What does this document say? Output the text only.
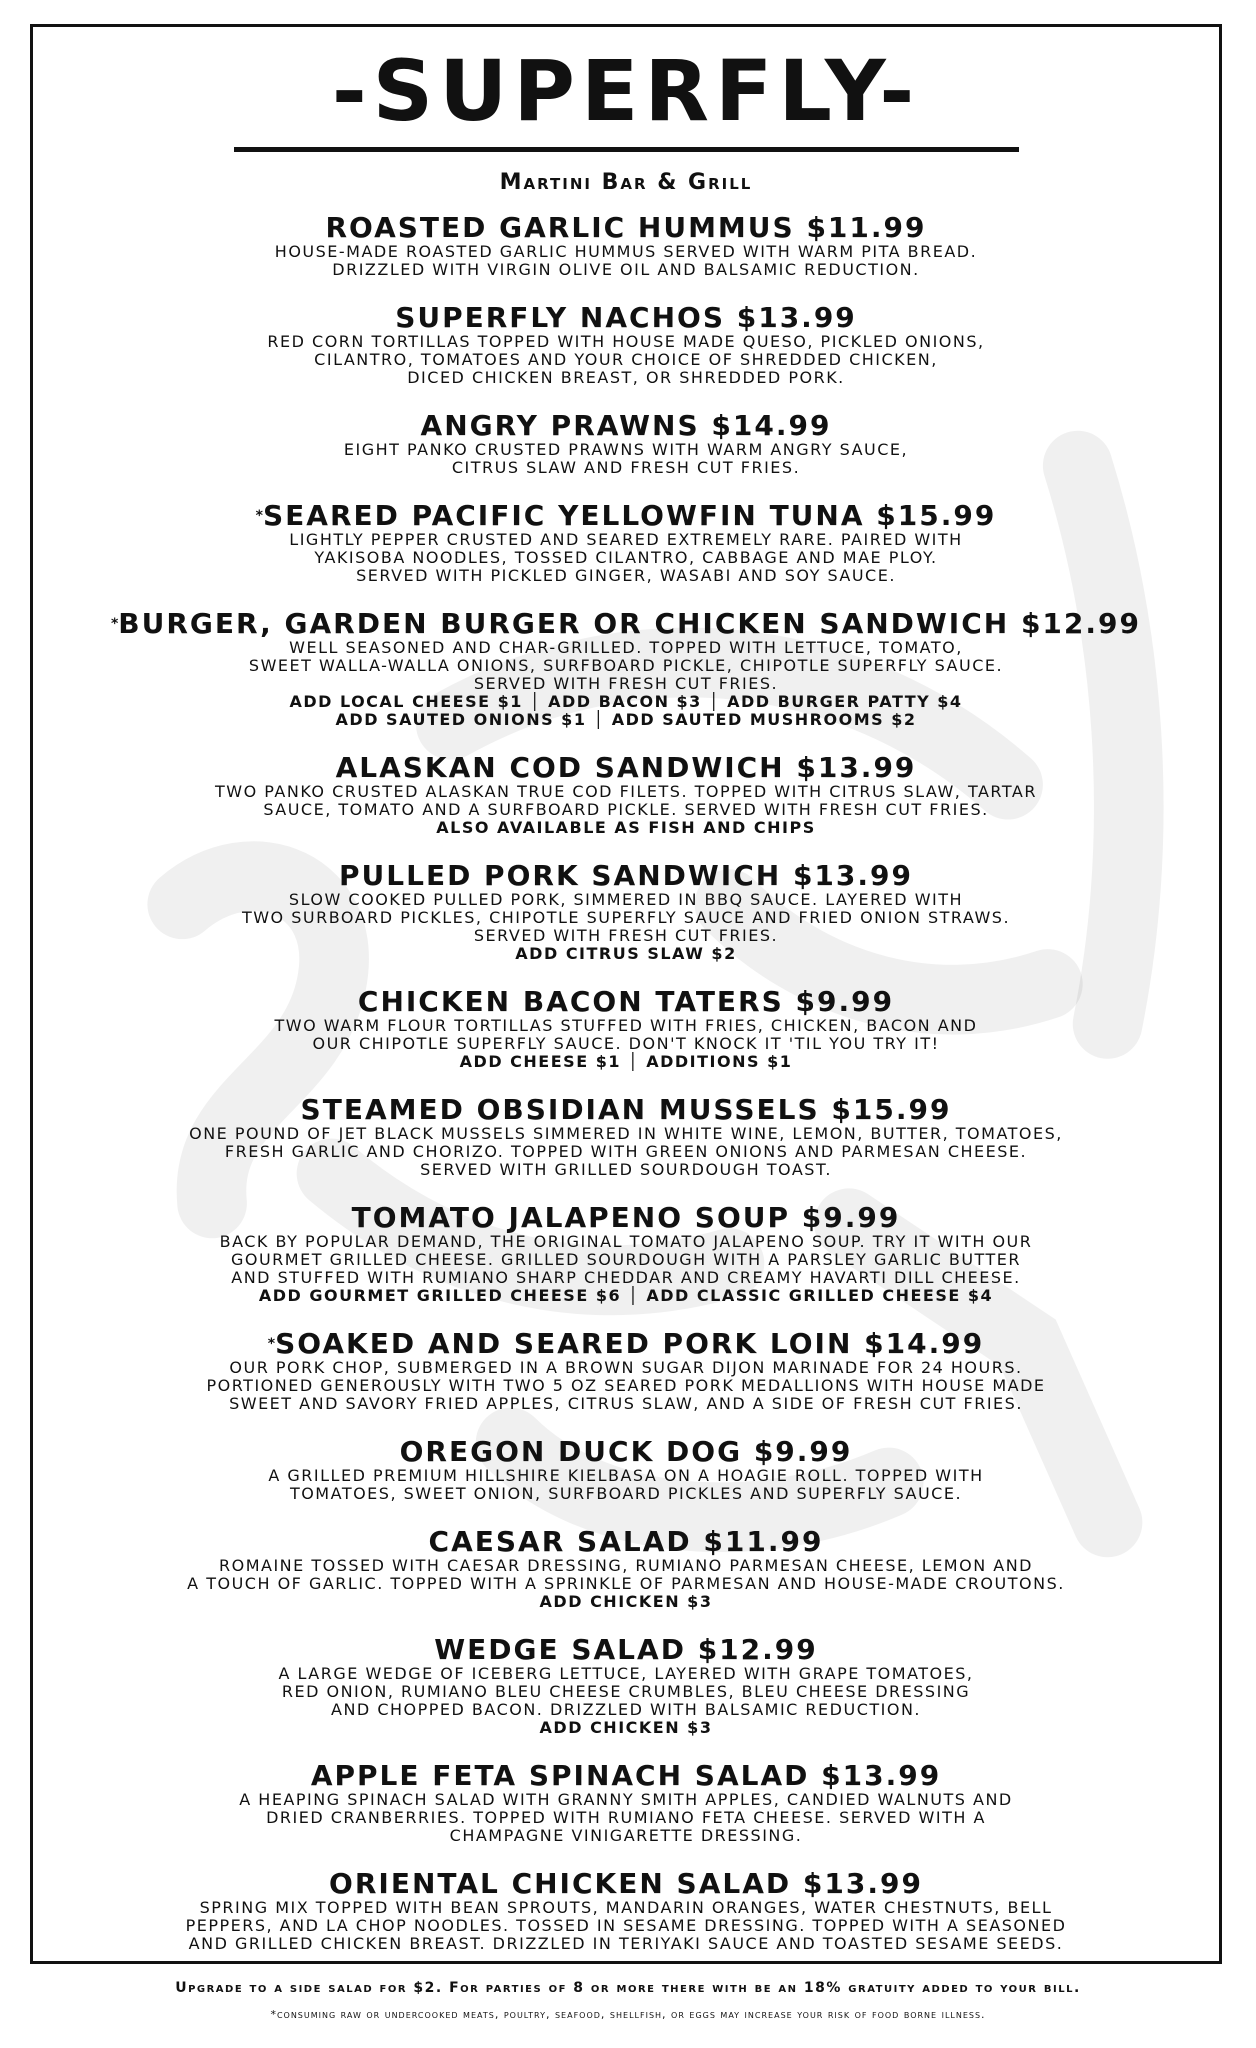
-SUPERFLY-
Martini Bar & Grill
ROASTED GARLIC HUMMUS $11.99
HOUSE-MADE ROASTED GARLIC HUMMUS SERVED WITH WARM PITA BREAD.
DRIZZLED WITH VIRGIN OLIVE OIL AND BALSAMIC REDUCTION.
SUPERFLY NACHOS $13.99
RED CORN TORTILLAS TOPPED WITH HOUSE MADE QUESO, PICKLED ONIONS,
CILANTRO, TOMATOES AND YOUR CHOICE OF SHREDDED CHICKEN,
DICED CHICKEN BREAST, OR SHREDDED PORK.
ANGRY PRAWNS $14.99
EIGHT PANKO CRUSTED PRAWNS WITH WARM ANGRY SAUCE,
CITRUS SLAW AND FRESH CUT FRIES.
*SEARED PACIFIC YELLOWFIN TUNA $15.99
LIGHTLY PEPPER CRUSTED AND SEARED EXTREMELY RARE. PAIRED WITH
YAKISOBA NOODLES, TOSSED CILANTRO, CABBAGE AND MAE PLOY.
SERVED WITH PICKLED GINGER, WASABI AND SOY SAUCE.
*BURGER, GARDEN BURGER OR CHICKEN SANDWICH $12.99
WELL SEASONED AND CHAR-GRILLED. TOPPED WITH LETTUCE, TOMATO,
SWEET WALLA-WALLA ONIONS, SURFBOARD PICKLE, CHIPOTLE SUPERFLY SAUCE.
SERVED WITH FRESH CUT FRIES.
ADD LOCAL CHEESE $1 │ ADD BACON $3 │ ADD BURGER PATTY $4
ADD SAUTED ONIONS $1 │ ADD SAUTED MUSHROOMS $2
ALASKAN COD SANDWICH $13.99
TWO PANKO CRUSTED ALASKAN TRUE COD FILETS. TOPPED WITH CITRUS SLAW, TARTAR
SAUCE, TOMATO AND A SURFBOARD PICKLE. SERVED WITH FRESH CUT FRIES.
ALSO AVAILABLE AS FISH AND CHIPS
PULLED PORK SANDWICH $13.99
SLOW COOKED PULLED PORK, SIMMERED IN BBQ SAUCE. LAYERED WITH
TWO SURBOARD PICKLES, CHIPOTLE SUPERFLY SAUCE AND FRIED ONION STRAWS.
SERVED WITH FRESH CUT FRIES.
ADD CITRUS SLAW $2
CHICKEN BACON TATERS $9.99
TWO WARM FLOUR TORTILLAS STUFFED WITH FRIES, CHICKEN, BACON AND
OUR CHIPOTLE SUPERFLY SAUCE. DON'T KNOCK IT 'TIL YOU TRY IT!
ADD CHEESE $1 │ ADDITIONS $1
STEAMED OBSIDIAN MUSSELS $15.99
ONE POUND OF JET BLACK MUSSELS SIMMERED IN WHITE WINE, LEMON, BUTTER, TOMATOES,
FRESH GARLIC AND CHORIZO. TOPPED WITH GREEN ONIONS AND PARMESAN CHEESE.
SERVED WITH GRILLED SOURDOUGH TOAST.
TOMATO JALAPENO SOUP $9.99
BACK BY POPULAR DEMAND, THE ORIGINAL TOMATO JALAPENO SOUP. TRY IT WITH OUR
GOURMET GRILLED CHEESE. GRILLED SOURDOUGH WITH A PARSLEY GARLIC BUTTER
AND STUFFED WITH RUMIANO SHARP CHEDDAR AND CREAMY HAVARTI DILL CHEESE.
ADD GOURMET GRILLED CHEESE $6 │ ADD CLASSIC GRILLED CHEESE $4
*SOAKED AND SEARED PORK LOIN $14.99
OUR PORK CHOP, SUBMERGED IN A BROWN SUGAR DIJON MARINADE FOR 24 HOURS.
PORTIONED GENEROUSLY WITH TWO 5 OZ SEARED PORK MEDALLIONS WITH HOUSE MADE
SWEET AND SAVORY FRIED APPLES, CITRUS SLAW, AND A SIDE OF FRESH CUT FRIES.
OREGON DUCK DOG $9.99
A GRILLED PREMIUM HILLSHIRE KIELBASA ON A HOAGIE ROLL. TOPPED WITH
TOMATOES, SWEET ONION, SURFBOARD PICKLES AND SUPERFLY SAUCE.
CAESAR SALAD $11.99
ROMAINE TOSSED WITH CAESAR DRESSING, RUMIANO PARMESAN CHEESE, LEMON AND
A TOUCH OF GARLIC. TOPPED WITH A SPRINKLE OF PARMESAN AND HOUSE-MADE CROUTONS.
ADD CHICKEN $3
WEDGE SALAD $12.99
A LARGE WEDGE OF ICEBERG LETTUCE, LAYERED WITH GRAPE TOMATOES,
RED ONION, RUMIANO BLEU CHEESE CRUMBLES, BLEU CHEESE DRESSING
AND CHOPPED BACON. DRIZZLED WITH BALSAMIC REDUCTION.
ADD CHICKEN $3
APPLE FETA SPINACH SALAD $13.99
A HEAPING SPINACH SALAD WITH GRANNY SMITH APPLES, CANDIED WALNUTS AND
DRIED CRANBERRIES. TOPPED WITH RUMIANO FETA CHEESE. SERVED WITH A
CHAMPAGNE VINIGARETTE DRESSING.
ORIENTAL CHICKEN SALAD $13.99
SPRING MIX TOPPED WITH BEAN SPROUTS, MANDARIN ORANGES, WATER CHESTNUTS, BELL
PEPPERS, AND LA CHOP NOODLES. TOSSED IN SESAME DRESSING. TOPPED WITH A SEASONED
AND GRILLED CHICKEN BREAST. DRIZZLED IN TERIYAKI SAUCE AND TOASTED SESAME SEEDS.
Upgrade to a side salad for $2. For parties of 8 or more there with be an 18% gratuity added to your bill.
*consuming raw or undercooked meats, poultry, seafood, shellfish, or eggs may increase your risk of food borne illness.
